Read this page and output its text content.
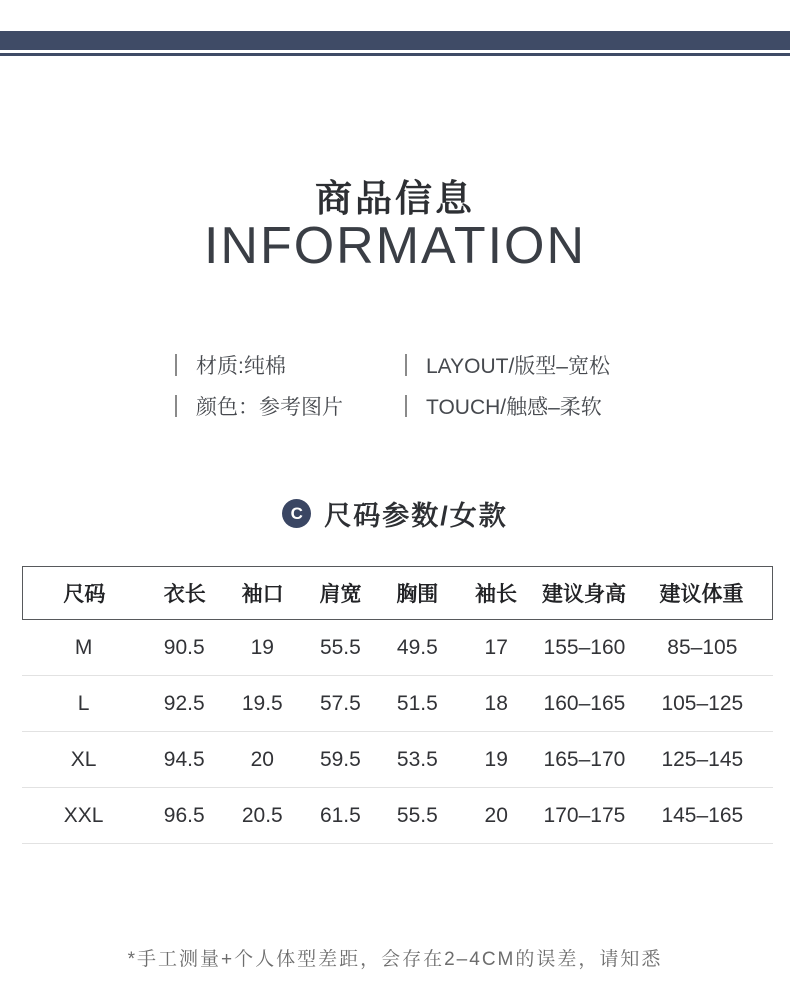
商品信息
INFORMATION
材质:纯棉
颜色：参考图片
LAYOUT/版型–宽松
TOUCH/触感–柔软
C 尺码参数/女款
尺码	衣长	袖口	肩宽	胸围	袖长	建议身高	建议体重
M	90.5	19	55.5	49.5	17	155–160	85–105
L	92.5	19.5	57.5	51.5	18	160–165	105–125
XL	94.5	20	59.5	53.5	19	165–170	125–145
XXL	96.5	20.5	61.5	55.5	20	170–175	145–165
*手工测量+个人体型差距，会存在2–4CM的误差，请知悉
